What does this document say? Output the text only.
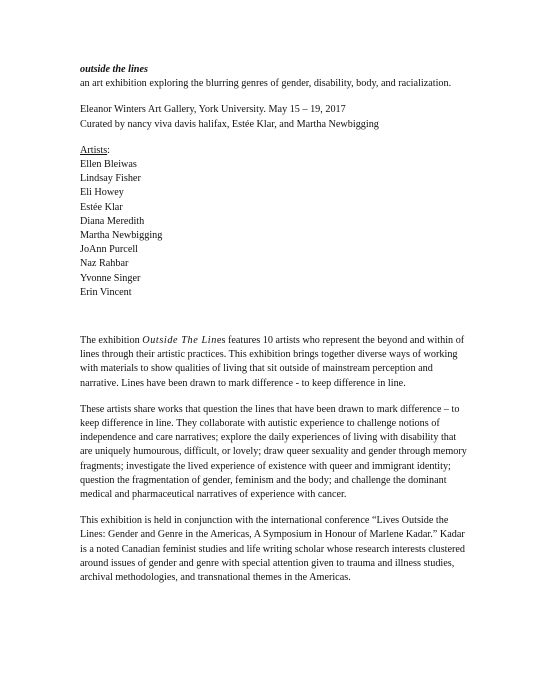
outside the lines
an art exhibition exploring the blurring genres of gender, disability, body, and racialization.
Eleanor Winters Art Gallery, York University. May 15 – 19, 2017
Curated by nancy viva davis halifax, Estée Klar, and Martha Newbigging
Artists:
Ellen Bleiwas
Lindsay Fisher
Eli Howey
Estée Klar
Diana Meredith
Martha Newbigging
JoAnn Purcell
Naz Rahbar
Yvonne Singer
Erin Vincent
The exhibition Outside The Lines features 10 artists who represent the beyond and within of
lines through their artistic practices. This exhibition brings together diverse ways of working
with materials to show qualities of living that sit outside of mainstream perception and
narrative. Lines have been drawn to mark difference - to keep difference in line.
These artists share works that question the lines that have been drawn to mark difference – to
keep difference in line. They collaborate with autistic experience to challenge notions of
independence and care narratives; explore the daily experiences of living with disability that
are uniquely humourous, difficult, or lovely; draw queer sexuality and gender through memory
fragments; investigate the lived experience of existence with queer and immigrant identity;
question the fragmentation of gender, feminism and the body; and challenge the dominant
medical and pharmaceutical narratives of experience with cancer.
This exhibition is held in conjunction with the international conference “Lives Outside the
Lines: Gender and Genre in the Americas, A Symposium in Honour of Marlene Kadar.” Kadar
is a noted Canadian feminist studies and life writing scholar whose research interests clustered
around issues of gender and genre with special attention given to trauma and illness studies,
archival methodologies, and transnational themes in the Americas.
